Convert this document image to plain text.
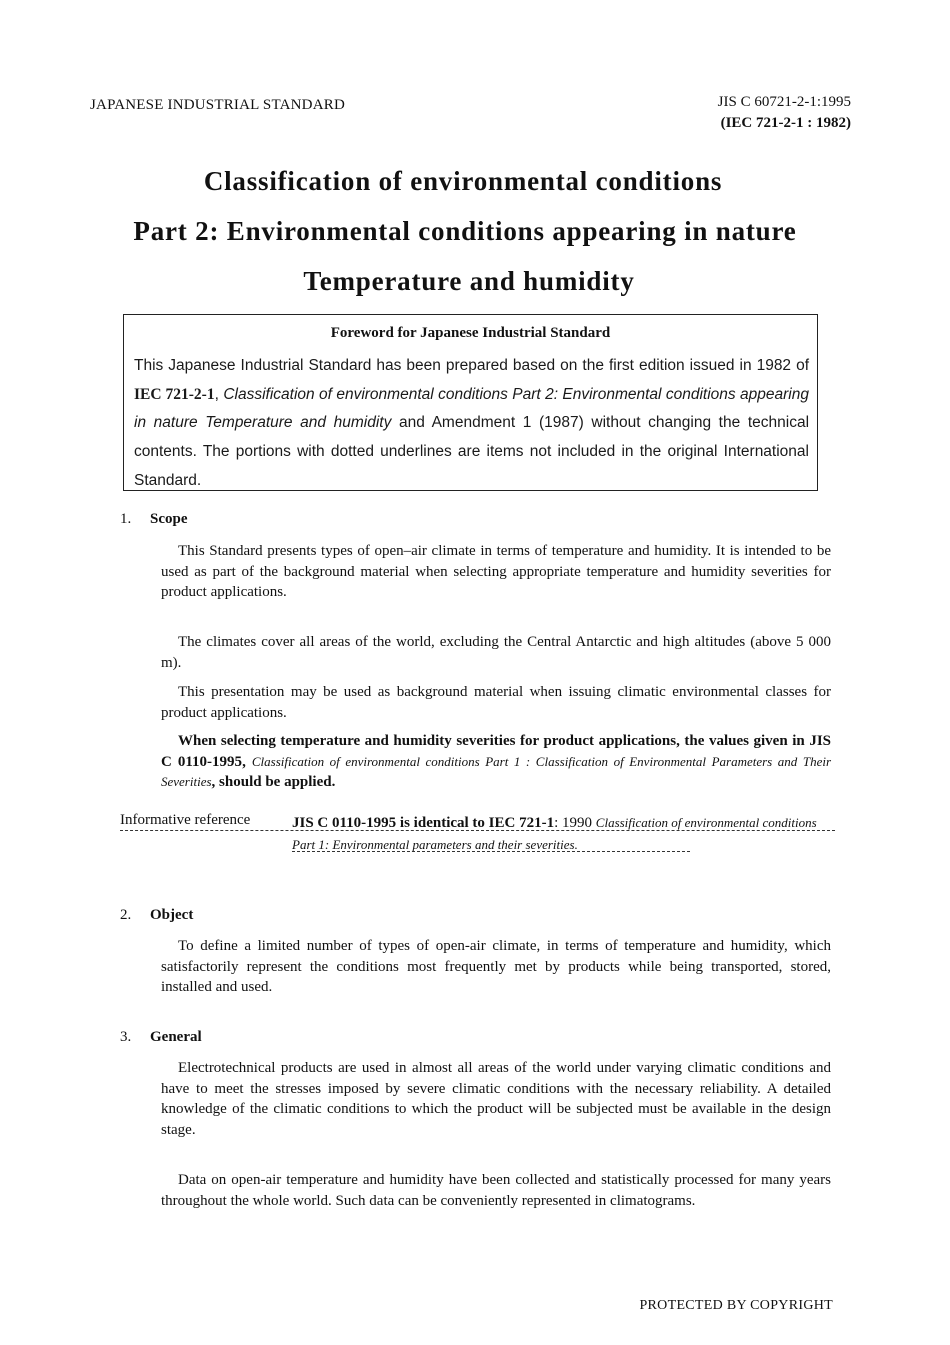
JAPANESE INDUSTRIAL STANDARD	JIS C 60721-2-1:1995
(IEC 721-2-1 : 1982)
Classification of environmental conditions
Part 2: Environmental conditions appearing in nature
Temperature and humidity
Foreword for Japanese Industrial Standard
This Japanese Industrial Standard has been prepared based on the first edition issued in 1982 of IEC 721-2-1, Classification of environmental conditions Part 2: Environmental conditions appearing in nature Temperature and humidity and Amendment 1 (1987) without changing the technical contents. The portions with dotted underlines are items not included in the original International Standard.
1. Scope
This Standard presents types of open–air climate in terms of temperature and humidity. It is intended to be used as part of the background material when selecting appropriate temperature and humidity severities for product applications.
The climates cover all areas of the world, excluding the Central Antarctic and high altitudes (above 5 000 m).
This presentation may be used as background material when issuing climatic environmental classes for product applications.
When selecting temperature and humidity severities for product applications, the values given in JIS C 0110-1995, Classification of environmental conditions Part 1 : Classification of Environmental Parameters and Their Severities, should be applied.
Informative reference	JIS C 0110-1995 is identical to IEC 721-1: 1990 Classification of environmental conditions Part 1: Environmental parameters and their severities.
2. Object
To define a limited number of types of open-air climate, in terms of temperature and humidity, which satisfactorily represent the conditions most frequently met by products while being transported, stored, installed and used.
3. General
Electrotechnical products are used in almost all areas of the world under varying climatic conditions and have to meet the stresses imposed by severe climatic conditions with the necessary reliability. A detailed knowledge of the climatic conditions to which the product will be subjected must be available in the design stage.
Data on open-air temperature and humidity have been collected and statistically processed for many years throughout the whole world. Such data can be conveniently represented in climatograms.
PROTECTED BY COPYRIGHT
